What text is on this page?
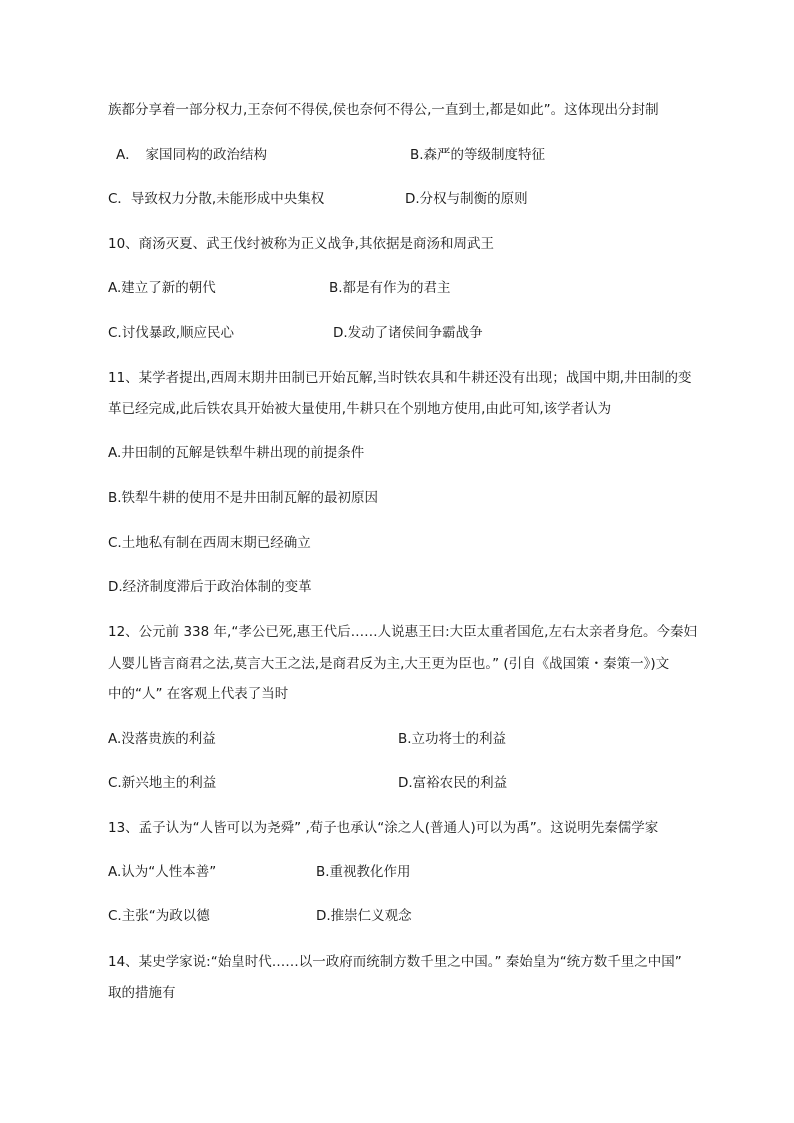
族都分享着一部分权力,王奈何不得侯,侯也奈何不得公,一直到士,都是如此”。这体现出分封制
A．　家国同构的政治结构	B.森严的等级制度特征
C．导致权力分散,未能形成中央集权	D.分权与制衡的原则
10、商汤灭夏、武王伐纣被称为正义战争,其依据是商汤和周武王
A.建立了新的朝代	B.都是有作为的君主
C.讨伐暴政,顺应民心	D.发动了诸侯间争霸战争
11、某学者提出,西周末期井田制已开始瓦解,当时铁农具和牛耕还没有出现；战国中期,井田制的变
革已经完成,此后铁农具开始被大量使用,牛耕只在个别地方使用,由此可知,该学者认为
A.井田制的瓦解是铁犁牛耕出现的前提条件
B.铁犁牛耕的使用不是井田制瓦解的最初原因
C.土地私有制在西周末期已经确立
D.经济制度滞后于政治体制的变革
12、公元前 338 年,“孝公已死,惠王代后……人说惠王曰:大臣太重者国危,左右太亲者身危。今秦妇
人婴儿皆言商君之法,莫言大王之法,是商君反为主,大王更为臣也。” (引自《战国策・秦策一》)文
中的“人” 在客观上代表了当时
A.没落贵族的利益	B.立功将士的利益
C.新兴地主的利益	D.富裕农民的利益
13、孟子认为“人皆可以为尧舜” ,荀子也承认“涂之人(普通人)可以为禹”。这说明先秦儒学家
A.认为“人性本善”	B.重视教化作用
C.主张“为政以德	D.推崇仁义观念
14、某史学家说:“始皇时代……以一政府而统制方数千里之中国。” 秦始皇为“统方数千里之中国”
取的措施有
